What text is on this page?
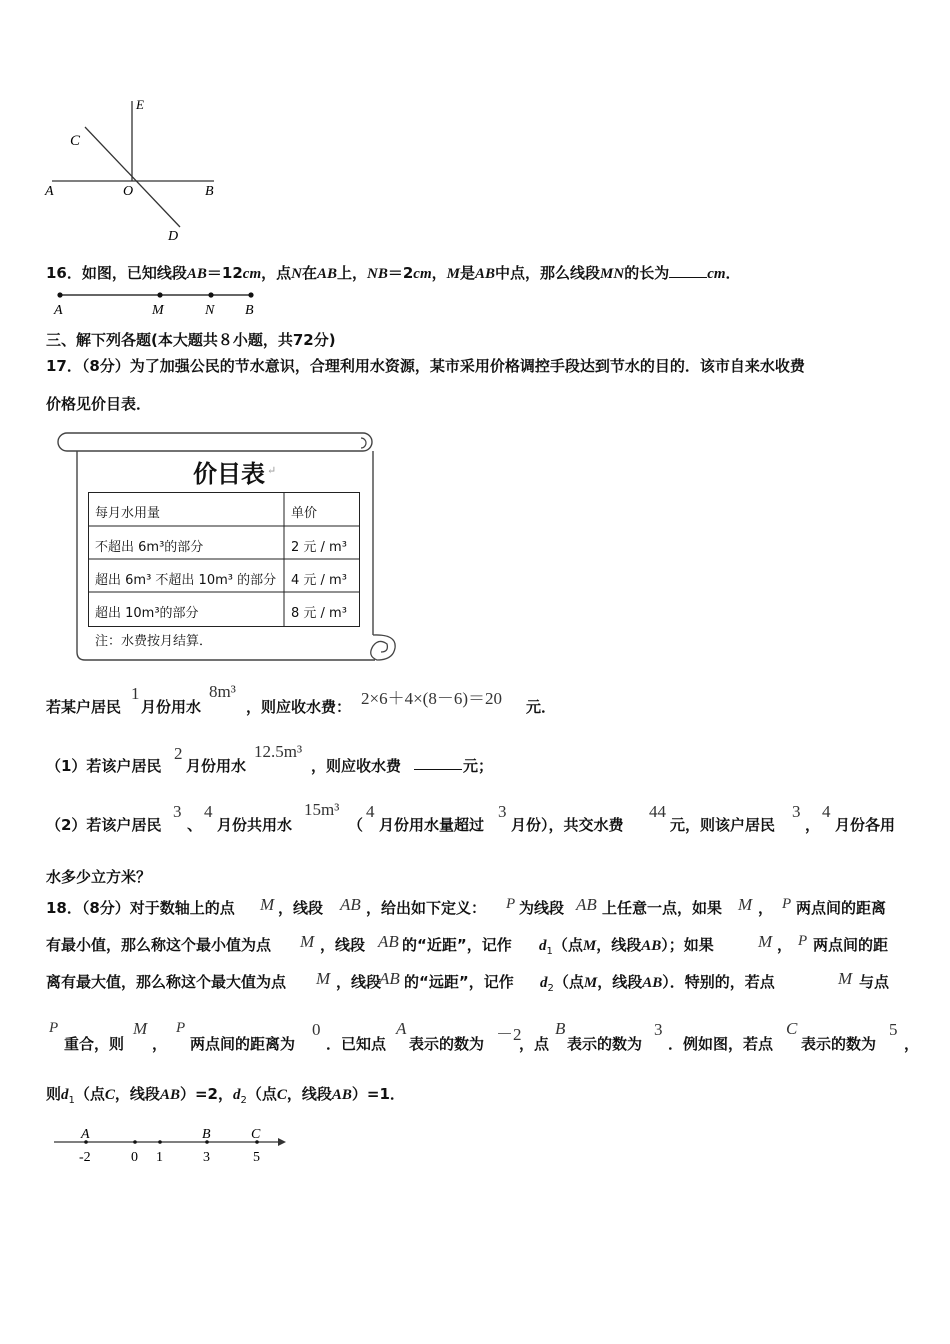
E
C
A	O	B
D
16．如图，已知线段AB＝12cm，点N在AB上，NB＝2cm，M是AB中点，那么线段MN的长为	cm．
A	M	N B
三、解下列各题(本大题共８小题，共72分)
17．（8分）为了加强公民的节水意识，合理利用水资源，某市采用价格调控手段达到节水的目的．该市自来水收费
价格见价目表．
价目表 ↵
每月水用量	单价
不超出 6m³的部分	2 元 / m³
超出 6m³ 不超出 10m³ 的部分 4 元 / m³
超出 10m³的部分	8 元 / m³
注：水费按月结算．
若某户居民
1
月份用水
8m³
，则应收水费： 2×6＋4×(8－6)＝20 元．
（1）若该户居民
2
月份用水
12.5m³
，则应收水费	元；
（2）若该户居民
3
、
4
月份共用水
15m³
（
4
月份用水量超过
3
月份），共交水费
44
元，则该户居民
3
，
4
月份各用
水多少立方米？
18．（8分）对于数轴上的点 M ，线段 AB ，给出如下定义： P 为线段 AB 上任意一点，如果 M ， P 两点间的距离
有最小值，那么称这个最小值为点 M ，线段 AB 的“近距”，记作 $d_1$（点M，线段AB）；如果	M ， P 两点间的距
离有最大值，那么称这个最大值为点 M ，线段
AB 的“远距”，记作 $d_2$（点M，线段AB）．特别的，若点	M 与点
P
重合，则
M
，
P
两点间的距离为
0
．已知点
A
表示的数为 －2
，点
B
表示的数为
3
．例如图，若点
C
表示的数为
5
，
则$d_1$（点C，线段AB）=2，$d_2$（点C，线段AB）=1．
A	B	C
-2	0 1	3	5
